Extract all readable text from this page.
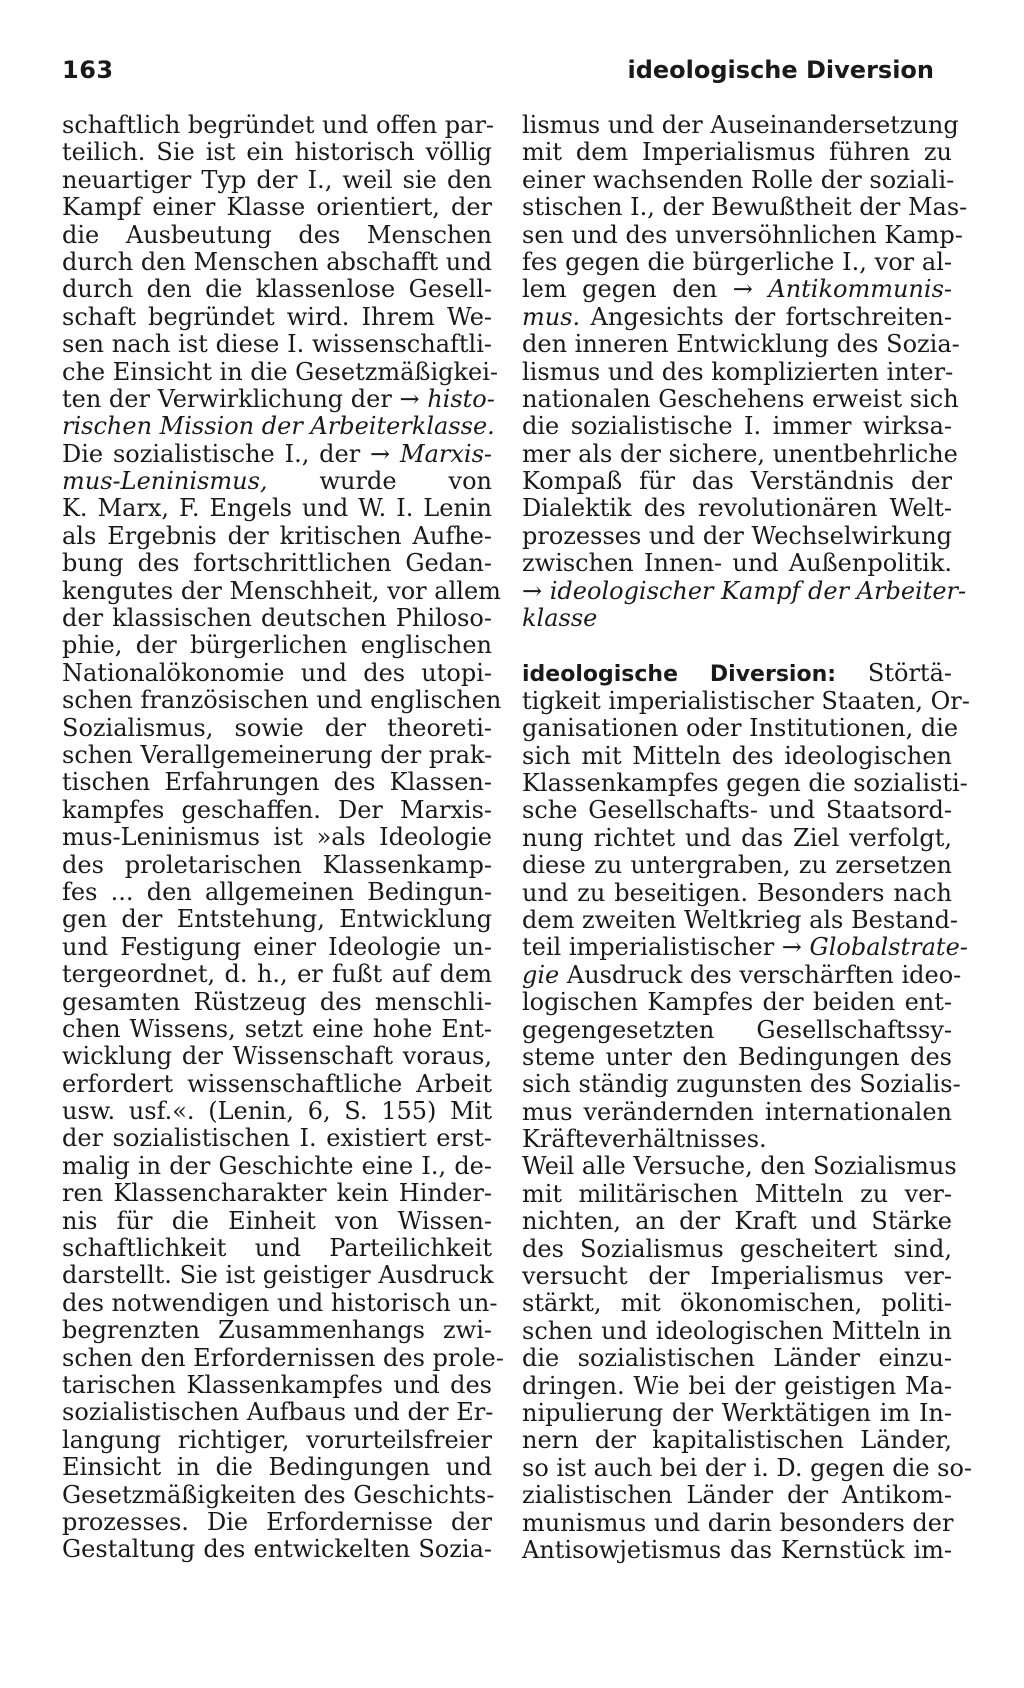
163	ideologische Diversion
schaftlich begründet und offen par-
teilich. Sie ist ein historisch völlig
neuartiger Typ der I., weil sie den
Kampf einer Klasse orientiert, der
die Ausbeutung des Menschen
durch den Menschen abschafft und
durch den die klassenlose Gesell-
schaft begründet wird. Ihrem We-
sen nach ist diese I. wissenschaftli-
che Einsicht in die Gesetzmäßigkei-
ten der Verwirklichung der → histo-
rischen Mission der Arbeiterklasse.
Die sozialistische I., der → Marxis-
mus-Leninismus, wurde von
K. Marx, F. Engels und W. I. Lenin
als Ergebnis der kritischen Aufhe-
bung des fortschrittlichen Gedan-
kengutes der Menschheit, vor allem
der klassischen deutschen Philoso-
phie, der bürgerlichen englischen
Nationalökonomie und des utopi-
schen französischen und englischen
Sozialismus, sowie der theoreti-
schen Verallgemeinerung der prak-
tischen Erfahrungen des Klassen-
kampfes geschaffen. Der Marxis-
mus-Leninismus ist »als Ideologie
des proletarischen Klassenkamp-
fes ... den allgemeinen Bedingun-
gen der Entstehung, Entwicklung
und Festigung einer Ideologie un-
tergeordnet, d. h., er fußt auf dem
gesamten Rüstzeug des menschli-
chen Wissens, setzt eine hohe Ent-
wicklung der Wissenschaft voraus,
erfordert wissenschaftliche Arbeit
usw. usf.«. (Lenin, 6, S. 155) Mit
der sozialistischen I. existiert erst-
malig in der Geschichte eine I., de-
ren Klassencharakter kein Hinder-
nis für die Einheit von Wissen-
schaftlichkeit und Parteilichkeit
darstellt. Sie ist geistiger Ausdruck
des notwendigen und historisch un-
begrenzten Zusammenhangs zwi-
schen den Erfordernissen des prole-
tarischen Klassenkampfes und des
sozialistischen Aufbaus und der Er-
langung richtiger, vorurteilsfreier
Einsicht in die Bedingungen und
Gesetzmäßigkeiten des Geschichts-
prozesses. Die Erfordernisse der
Gestaltung des entwickelten Sozia-
lismus und der Auseinandersetzung
mit dem Imperialismus führen zu
einer wachsenden Rolle der soziali-
stischen I., der Bewußtheit der Mas-
sen und des unversöhnlichen Kamp-
fes gegen die bürgerliche I., vor al-
lem gegen den → Antikommunis-
mus. Angesichts der fortschreiten-
den inneren Entwicklung des Sozia-
lismus und des komplizierten inter-
nationalen Geschehens erweist sich
die sozialistische I. immer wirksa-
mer als der sichere, unentbehrliche
Kompaß für das Verständnis der
Dialektik des revolutionären Welt-
prozesses und der Wechselwirkung
zwischen Innen- und Außenpolitik.
→ ideologischer Kampf der Arbeiter-
klasse
ideologische Diversion: Störtä-
tigkeit imperialistischer Staaten, Or-
ganisationen oder Institutionen, die
sich mit Mitteln des ideologischen
Klassenkampfes gegen die sozialisti-
sche Gesellschafts- und Staatsord-
nung richtet und das Ziel verfolgt,
diese zu untergraben, zu zersetzen
und zu beseitigen. Besonders nach
dem zweiten Weltkrieg als Bestand-
teil imperialistischer → Globalstrate-
gie Ausdruck des verschärften ideo-
logischen Kampfes der beiden ent-
gegengesetzten Gesellschaftssy-
steme unter den Bedingungen des
sich ständig zugunsten des Sozialis-
mus verändernden internationalen
Kräfteverhältnisses.
Weil alle Versuche, den Sozialismus
mit militärischen Mitteln zu ver-
nichten, an der Kraft und Stärke
des Sozialismus gescheitert sind,
versucht der Imperialismus ver-
stärkt, mit ökonomischen, politi-
schen und ideologischen Mitteln in
die sozialistischen Länder einzu-
dringen. Wie bei der geistigen Ma-
nipulierung der Werktätigen im In-
nern der kapitalistischen Länder,
so ist auch bei der i. D. gegen die so-
zialistischen Länder der Antikom-
munismus und darin besonders der
Antisowjetismus das Kernstück im-
